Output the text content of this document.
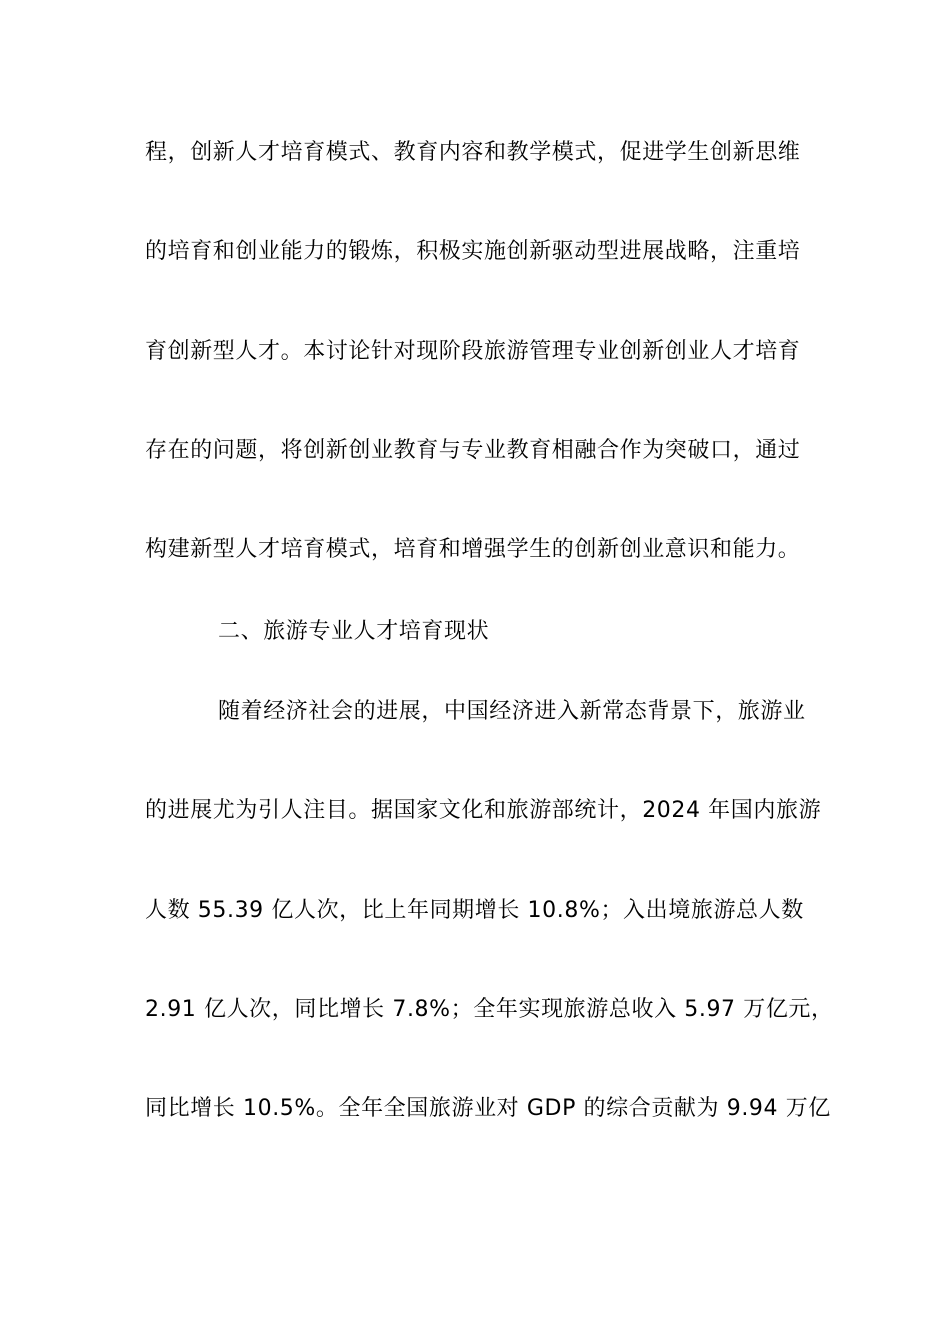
程，创新人才培育模式、教育内容和教学模式，促进学生创新思维
的培育和创业能力的锻炼，积极实施创新驱动型进展战略，注重培
育创新型人才。本讨论针对现阶段旅游管理专业创新创业人才培育
存在的问题，将创新创业教育与专业教育相融合作为突破口，通过
构建新型人才培育模式，培育和增强学生的创新创业意识和能力。
二、旅游专业人才培育现状
随着经济社会的进展，中国经济进入新常态背景下，旅游业
的进展尤为引人注目。据国家文化和旅游部统计，2024 年国内旅游
人数 55.39 亿人次，比上年同期增长 10.8%；入出境旅游总人数
2.91 亿人次，同比增长 7.8%；全年实现旅游总收入 5.97 万亿元，
同比增长 10.5%。全年全国旅游业对 GDP 的综合贡献为 9.94 万亿
